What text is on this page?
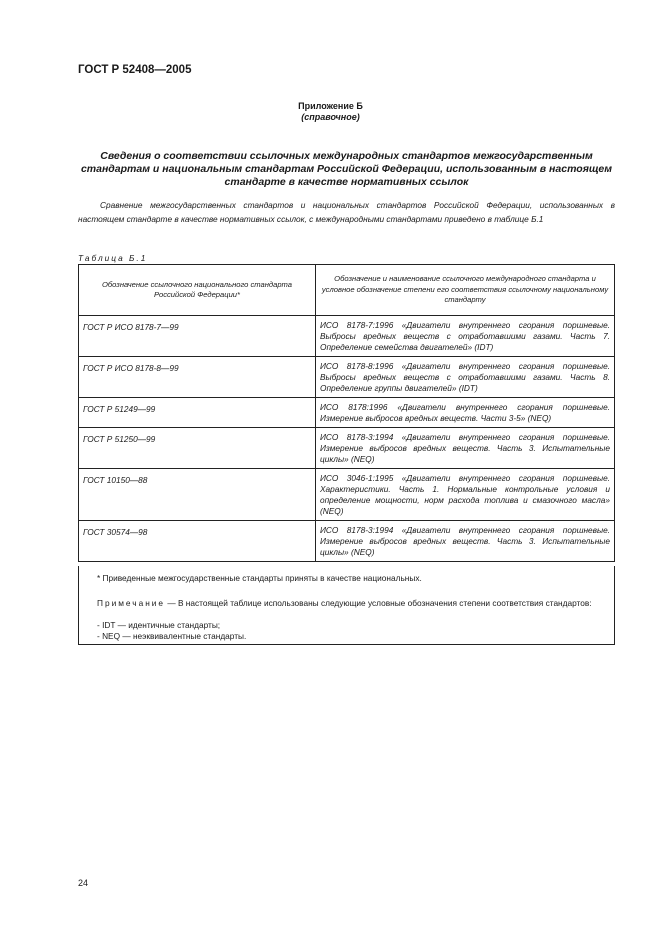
ГОСТ Р 52408—2005
Приложение Б
(справочное)
Сведения о соответствии ссылочных международных стандартов межгосударственным стандартам и национальным стандартам Российской Федерации, использованным в настоящем стандарте в качестве нормативных ссылок
Сравнение межгосударственных стандартов и национальных стандартов Российской Федерации, использованных в настоящем стандарте в качестве нормативных ссылок, с международными стандартами приведено в таблице Б.1
Таблица Б.1
Обозначение ссылочного национального стандарта Российской Федерации*	Обозначение и наименование ссылочного международного стандарта и условное обозначение степени его соответствия ссылочному национальному стандарту
ГОСТ Р ИСО 8178-7—99	ИСО 8178-7:1996 «Двигатели внутреннего сгорания поршневые. Выбросы вредных веществ с отработавшими газами. Часть 7. Определение семейства двигателей» (IDT)
ГОСТ Р ИСО 8178-8—99	ИСО 8178-8:1996 «Двигатели внутреннего сгорания поршневые. Выбросы вредных веществ с отработавшими газами. Часть 8. Определение группы двигателей» (IDT)
ГОСТ Р 51249—99	ИСО 8178:1996 «Двигатели внутреннего сгорания поршневые. Измерение выбросов вредных веществ. Части 3-5» (NEQ)
ГОСТ Р 51250—99	ИСО 8178-3:1994 «Двигатели внутреннего сгорания поршневые. Измерение выбросов вредных веществ. Часть 3. Испытательные циклы» (NEQ)
ГОСТ 10150—88	ИСО 3046-1:1995 «Двигатели внутреннего сгорания поршневые. Характеристики. Часть 1. Нормальные контрольные условия и определение мощности, норм расхода топлива и смазочного масла» (NEQ)
ГОСТ 30574—98	ИСО 8178-3:1994 «Двигатели внутреннего сгорания поршневые. Измерение выбросов вредных веществ. Часть 3. Испытательные циклы» (NEQ)
* Приведенные межгосударственные стандарты приняты в качестве национальных.
Примечание — В настоящей таблице использованы следующие условные обозначения степени соответствия стандартов:
- IDT — идентичные стандарты;
- NEQ — неэквивалентные стандарты.
24
